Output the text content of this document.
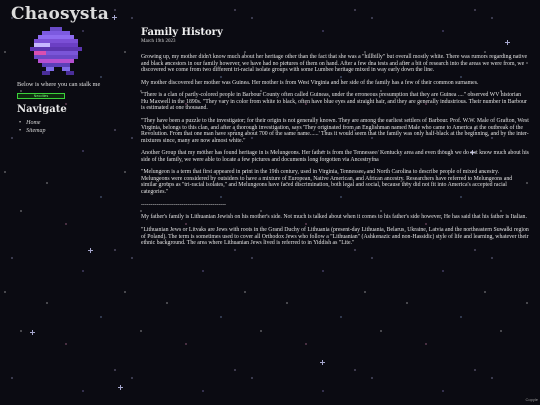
Chaosysta
Below is where you can stalk me
Neocities
Navigate
• Home
• Sitemap
Family History
March 19th 2023

Growing up, my mother didn't know much about her heritage other than the fact that she was a "hillbilly" but overall mostly white. There was rumors regarding native and black ancestors in our family however, we have had no pictures of them on hand. After a few dna tests and after a bit of research into the areas we were from, we discovered we come from two different tri-racial isolate groups with some Lumbee heritage mixed in way early down the line.

My mother discovered her mother was Guinea. Her mother is from West Virginia and her side of the family has a few of their common surnames.

"There is a clan of partly-colored people in Barbour County often called Guineas, under the erroneous presumption that they are Guinea ...." observed WV historian Hu Maxwell in the 1890s. "They vary in color from white to black, often have blue eyes and straight hair, and they are generally industrious. Their number in Barbour is estimated at one thousand.

"They have been a puzzle to the investigator; for their origin is not generally known. They are among the earliest settlers of Barbour. Prof. W.W. Male of Grafton, West Virginia, belongs to this clan, and after a thorough investigation, says 'They originated from an Englishman named Male who came to America at the outbreak of the Revolution. From that one man have sprung about 700 of the same name......' Thus it would seem that the family was only half-black at the beginning, and by the inter-mixtures since, many are now almost white."

Another Group that my mother has found heritage in is Melungeons. Her father is from the Tennessee/ Kentucky area and even though we do not know much about his side of the family, we were able to locate a few pictures and documents long forgotten via Ancestryfna

"Melungeon is a term that first appeared in print in the 19th century, used in Virginia, Tennessee, and North Carolina to describe people of mixed ancestry. Melungeons were considered by outsiders to have a mixture of European, Native American, and African ancestry. Researchers have referred to Melungeons and similar groups as "tri-racial isolates," and Melungeons have faced discrimination, both legal and social, because they did not fit into America's accepted racial categories."

--------------------------------------------

My father's family is Lithuanian Jewish on his mother's side. Not much is talked about when it comes to his father's side however, He has said that his father is Italian.

"Lithuanian Jews or Litvaks are Jews with roots in the Grand Duchy of Lithuania (present-day Lithuania, Belarus, Ukraine, Latvia and the northeastern Suwałki region of Poland). The term is sometimes used to cover all Orthodox Jews who follow a "Lithuanian" (Ashkenazic and non-Hassidic) style of life and learning, whatever their ethnic background. The area where Lithuanian Jews lived is referred to in Yiddish as "Lite."

Copyle
